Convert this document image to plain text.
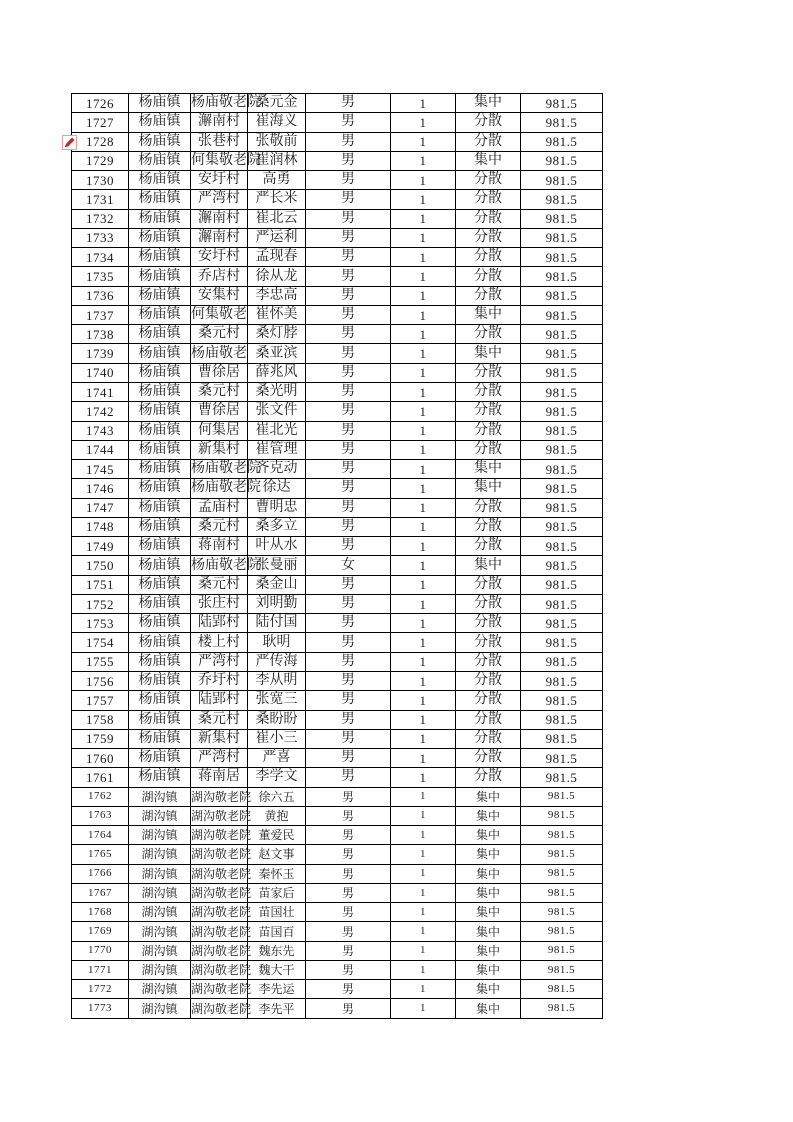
1726	杨庙镇	杨庙敬老院	桑元金	男	1	集中	981.5
1727	杨庙镇	澥南村	崔海义	男	1	分散	981.5
1728	杨庙镇	张巷村	张敬前	男	1	分散	981.5
1729	杨庙镇	何集敬老院	崔润林	男	1	集中	981.5
1730	杨庙镇	安圩村	高勇	男	1	分散	981.5
1731	杨庙镇	严湾村	严长米	男	1	分散	981.5
1732	杨庙镇	澥南村	崔北云	男	1	分散	981.5
1733	杨庙镇	澥南村	严运利	男	1	分散	981.5
1734	杨庙镇	安圩村	孟现春	男	1	分散	981.5
1735	杨庙镇	乔店村	徐从龙	男	1	分散	981.5
1736	杨庙镇	安集村	李忠高	男	1	分散	981.5
1737	杨庙镇	何集敬老	崔怀美	男	1	集中	981.5
1738	杨庙镇	桑元村	桑灯脖	男	1	分散	981.5
1739	杨庙镇	杨庙敬老	桑亚滨	男	1	集中	981.5
1740	杨庙镇	曹徐居	薛兆风	男	1	分散	981.5
1741	杨庙镇	桑元村	桑光明	男	1	分散	981.5
1742	杨庙镇	曹徐居	张文件	男	1	分散	981.5
1743	杨庙镇	何集居	崔北光	男	1	分散	981.5
1744	杨庙镇	新集村	崔管理	男	1	分散	981.5
1745	杨庙镇	杨庙敬老院	齐克动	男	1	集中	981.5
1746	杨庙镇	杨庙敬老院	徐达	男	1	集中	981.5
1747	杨庙镇	孟庙村	曹明忠	男	1	分散	981.5
1748	杨庙镇	桑元村	桑多立	男	1	分散	981.5
1749	杨庙镇	蒋南村	叶从水	男	1	分散	981.5
1750	杨庙镇	杨庙敬老院	张曼丽	女	1	集中	981.5
1751	杨庙镇	桑元村	桑金山	男	1	分散	981.5
1752	杨庙镇	张庄村	刘明勤	男	1	分散	981.5
1753	杨庙镇	陆郢村	陆付国	男	1	分散	981.5
1754	杨庙镇	楼上村	耿明	男	1	分散	981.5
1755	杨庙镇	严湾村	严传海	男	1	分散	981.5
1756	杨庙镇	乔圩村	李从明	男	1	分散	981.5
1757	杨庙镇	陆郢村	张宽三	男	1	分散	981.5
1758	杨庙镇	桑元村	桑盼盼	男	1	分散	981.5
1759	杨庙镇	新集村	崔小三	男	1	分散	981.5
1760	杨庙镇	严湾村	严喜	男	1	分散	981.5
1761	杨庙镇	蒋南居	李学文	男	1	分散	981.5
1762	湖沟镇	湖沟敬老院	徐六五	男	1	集中	981.5
1763	湖沟镇	湖沟敬老院	黄抱	男	1	集中	981.5
1764	湖沟镇	湖沟敬老院	董爱民	男	1	集中	981.5
1765	湖沟镇	湖沟敬老院	赵文事	男	1	集中	981.5
1766	湖沟镇	湖沟敬老院	秦怀玉	男	1	集中	981.5
1767	湖沟镇	湖沟敬老院	苗家后	男	1	集中	981.5
1768	湖沟镇	湖沟敬老院	苗国壮	男	1	集中	981.5
1769	湖沟镇	湖沟敬老院	苗国百	男	1	集中	981.5
1770	湖沟镇	湖沟敬老院	魏东先	男	1	集中	981.5
1771	湖沟镇	湖沟敬老院	魏大干	男	1	集中	981.5
1772	湖沟镇	湖沟敬老院	李先运	男	1	集中	981.5
1773	湖沟镇	湖沟敬老院	李先平	男	1	集中	981.5
